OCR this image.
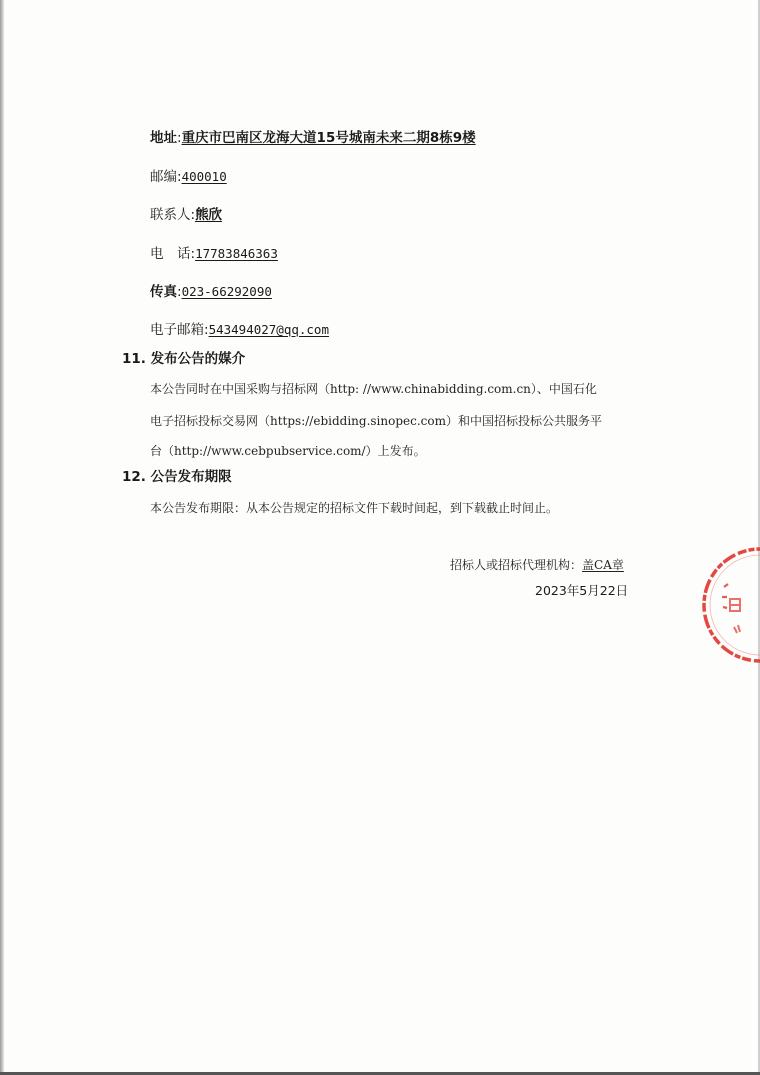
地址:重庆市巴南区龙海大道15号城南未来二期8栋9楼
邮编:400010
联系人:熊欣
电　话:17783846363
传真:023-66292090
电子邮箱:543494027@qq.com
11. 发布公告的媒介
本公告同时在中国采购与招标网（http: //www.chinabidding.com.cn）、中国石化
电子招标投标交易网（https://ebidding.sinopec.com）和中国招标投标公共服务平
台（http://www.cebpubservice.com/）上发布。
12. 公告发布期限
本公告发布期限：从本公告规定的招标文件下载时间起，到下载截止时间止。
招标人或招标代理机构：盖CA章
2023年5月22日
